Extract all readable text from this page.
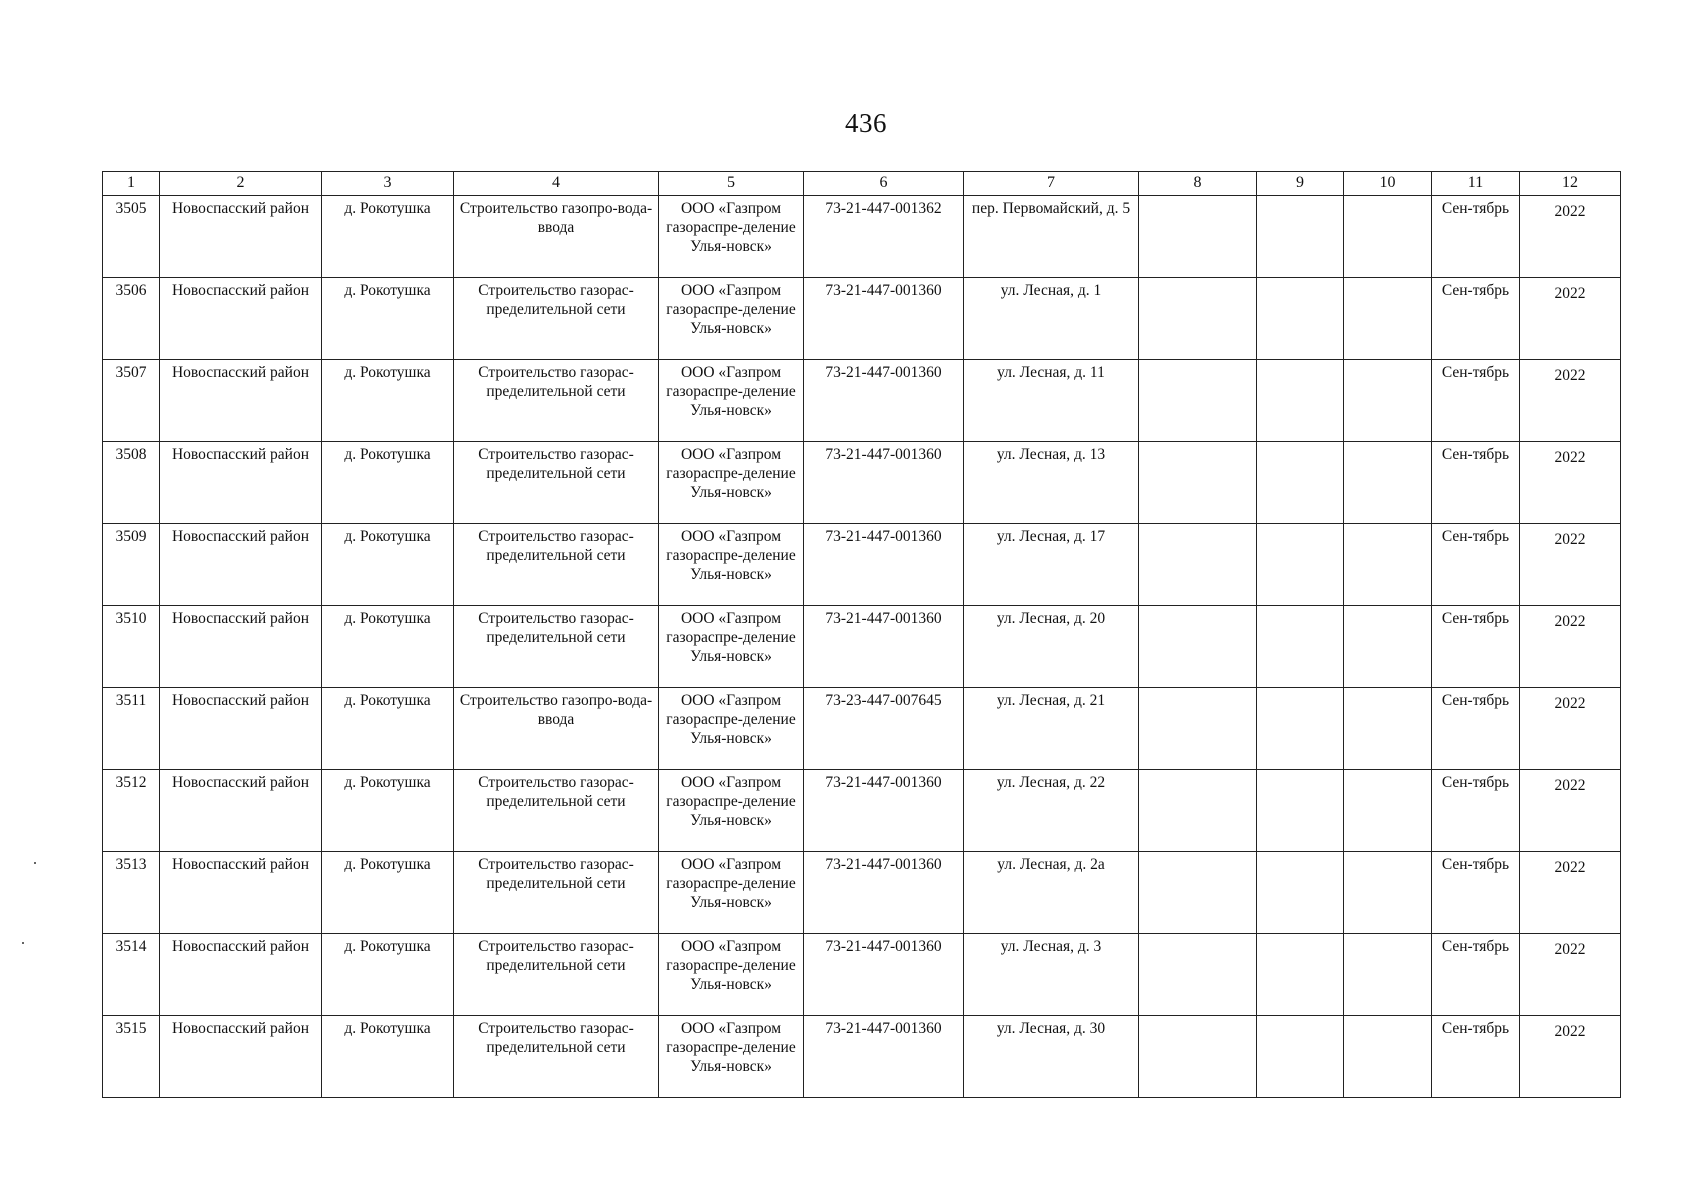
436
1	2	3	4	5	6	7	8	9	10	11	12
3505	Новоспасский район	д. Рокотушка	Строительство газопро-вода-ввода	ООО «Газпром газораспре-деление Улья-новск»	73-21-447-001362	пер. Первомайский, д. 5				Сен-тябрь	2022
3506	Новоспасский район	д. Рокотушка	Строительство газорас-пределительной сети	ООО «Газпром газораспре-деление Улья-новск»	73-21-447-001360	ул. Лесная, д. 1				Сен-тябрь	2022
3507	Новоспасский район	д. Рокотушка	Строительство газорас-пределительной сети	ООО «Газпром газораспре-деление Улья-новск»	73-21-447-001360	ул. Лесная, д. 11				Сен-тябрь	2022
3508	Новоспасский район	д. Рокотушка	Строительство газорас-пределительной сети	ООО «Газпром газораспре-деление Улья-новск»	73-21-447-001360	ул. Лесная, д. 13				Сен-тябрь	2022
3509	Новоспасский район	д. Рокотушка	Строительство газорас-пределительной сети	ООО «Газпром газораспре-деление Улья-новск»	73-21-447-001360	ул. Лесная, д. 17				Сен-тябрь	2022
3510	Новоспасский район	д. Рокотушка	Строительство газорас-пределительной сети	ООО «Газпром газораспре-деление Улья-новск»	73-21-447-001360	ул. Лесная, д. 20				Сен-тябрь	2022
3511	Новоспасский район	д. Рокотушка	Строительство газопро-вода-ввода	ООО «Газпром газораспре-деление Улья-новск»	73-23-447-007645	ул. Лесная, д. 21				Сен-тябрь	2022
3512	Новоспасский район	д. Рокотушка	Строительство газорас-пределительной сети	ООО «Газпром газораспре-деление Улья-новск»	73-21-447-001360	ул. Лесная, д. 22				Сен-тябрь	2022
3513	Новоспасский район	д. Рокотушка	Строительство газорас-пределительной сети	ООО «Газпром газораспре-деление Улья-новск»	73-21-447-001360	ул. Лесная, д. 2а				Сен-тябрь	2022
3514	Новоспасский район	д. Рокотушка	Строительство газорас-пределительной сети	ООО «Газпром газораспре-деление Улья-новск»	73-21-447-001360	ул. Лесная, д. 3				Сен-тябрь	2022
3515	Новоспасский район	д. Рокотушка	Строительство газорас-пределительной сети	ООО «Газпром газораспре-деление Улья-новск»	73-21-447-001360	ул. Лесная, д. 30				Сен-тябрь	2022
